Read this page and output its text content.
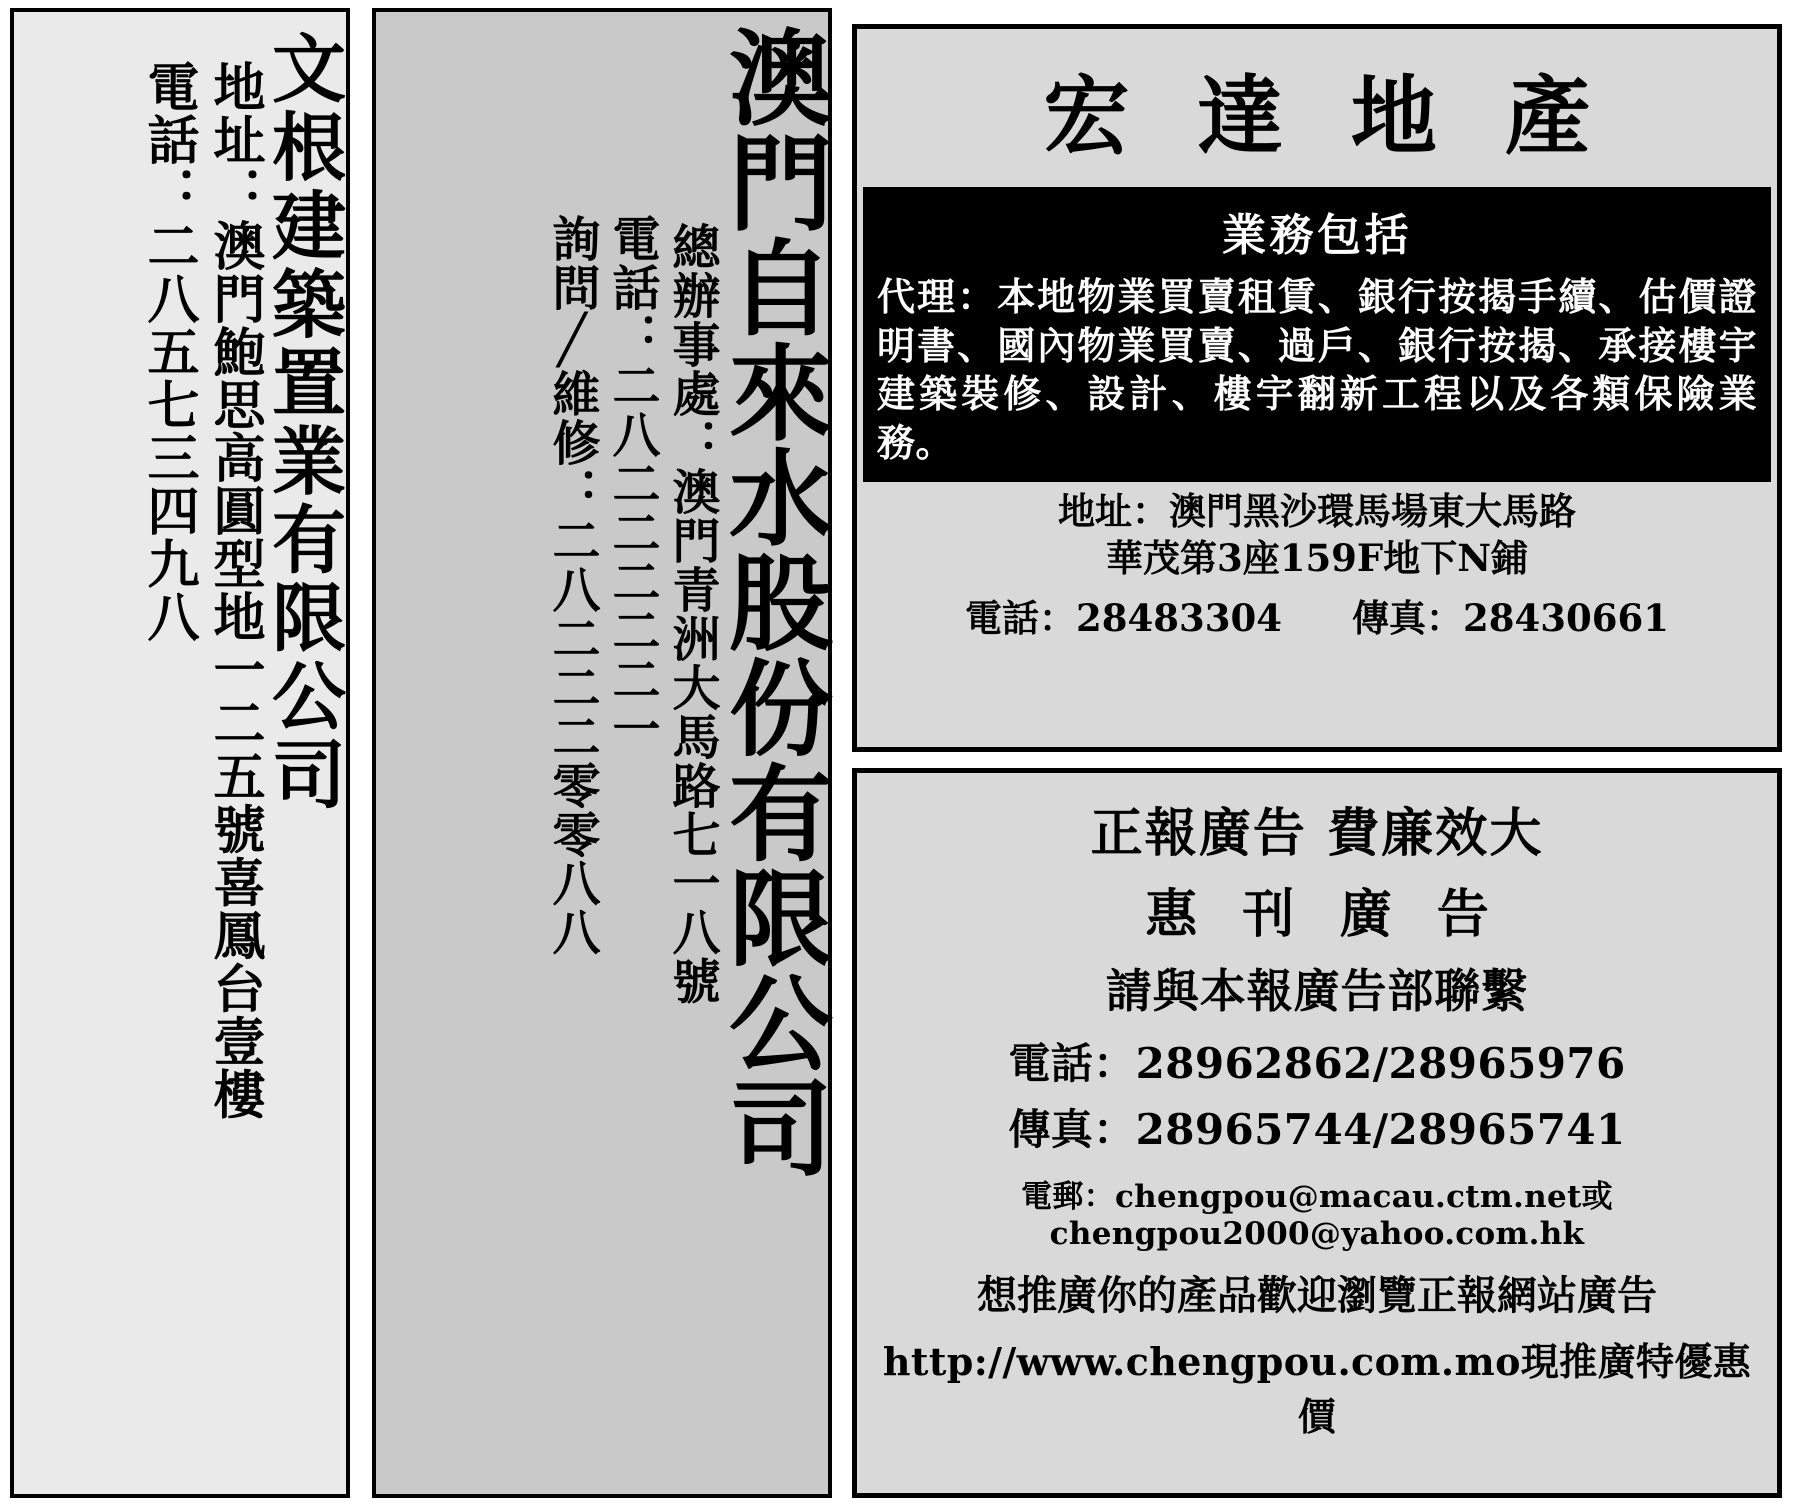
文根建築置業有限公司
地址：澳門鮑思高圓型地一二五號喜鳳台壹樓
電話：二八五七三四九八	澳門自來水股份有限公司
總辦事處：澳門青洲大馬路七一八號
電話：二八二二二二二一
詢問╱維修：二八二二二零零八八
宏 達 地 產
業務包括
代理：本地物業買賣租賃、銀行按揭手續、估價證明書、國內物業買賣、過戶、銀行按揭、承接樓宇建築裝修、設計、樓宇翻新工程以及各類保險業務。
地址：澳門黑沙環馬場東大馬路
華茂第3座159F地下N鋪
電話：28483304 傳真：28430661
正報廣告 費廉效大
惠 刊 廣 告
請與本報廣告部聯繫
電話：28962862/28965976
傳真：28965744/28965741
電郵：chengpou@macau.ctm.net或chengpou2000@yahoo.com.hk
想推廣你的產品歡迎瀏覽正報網站廣告
http://www.chengpou.com.mo現推廣特優惠價
